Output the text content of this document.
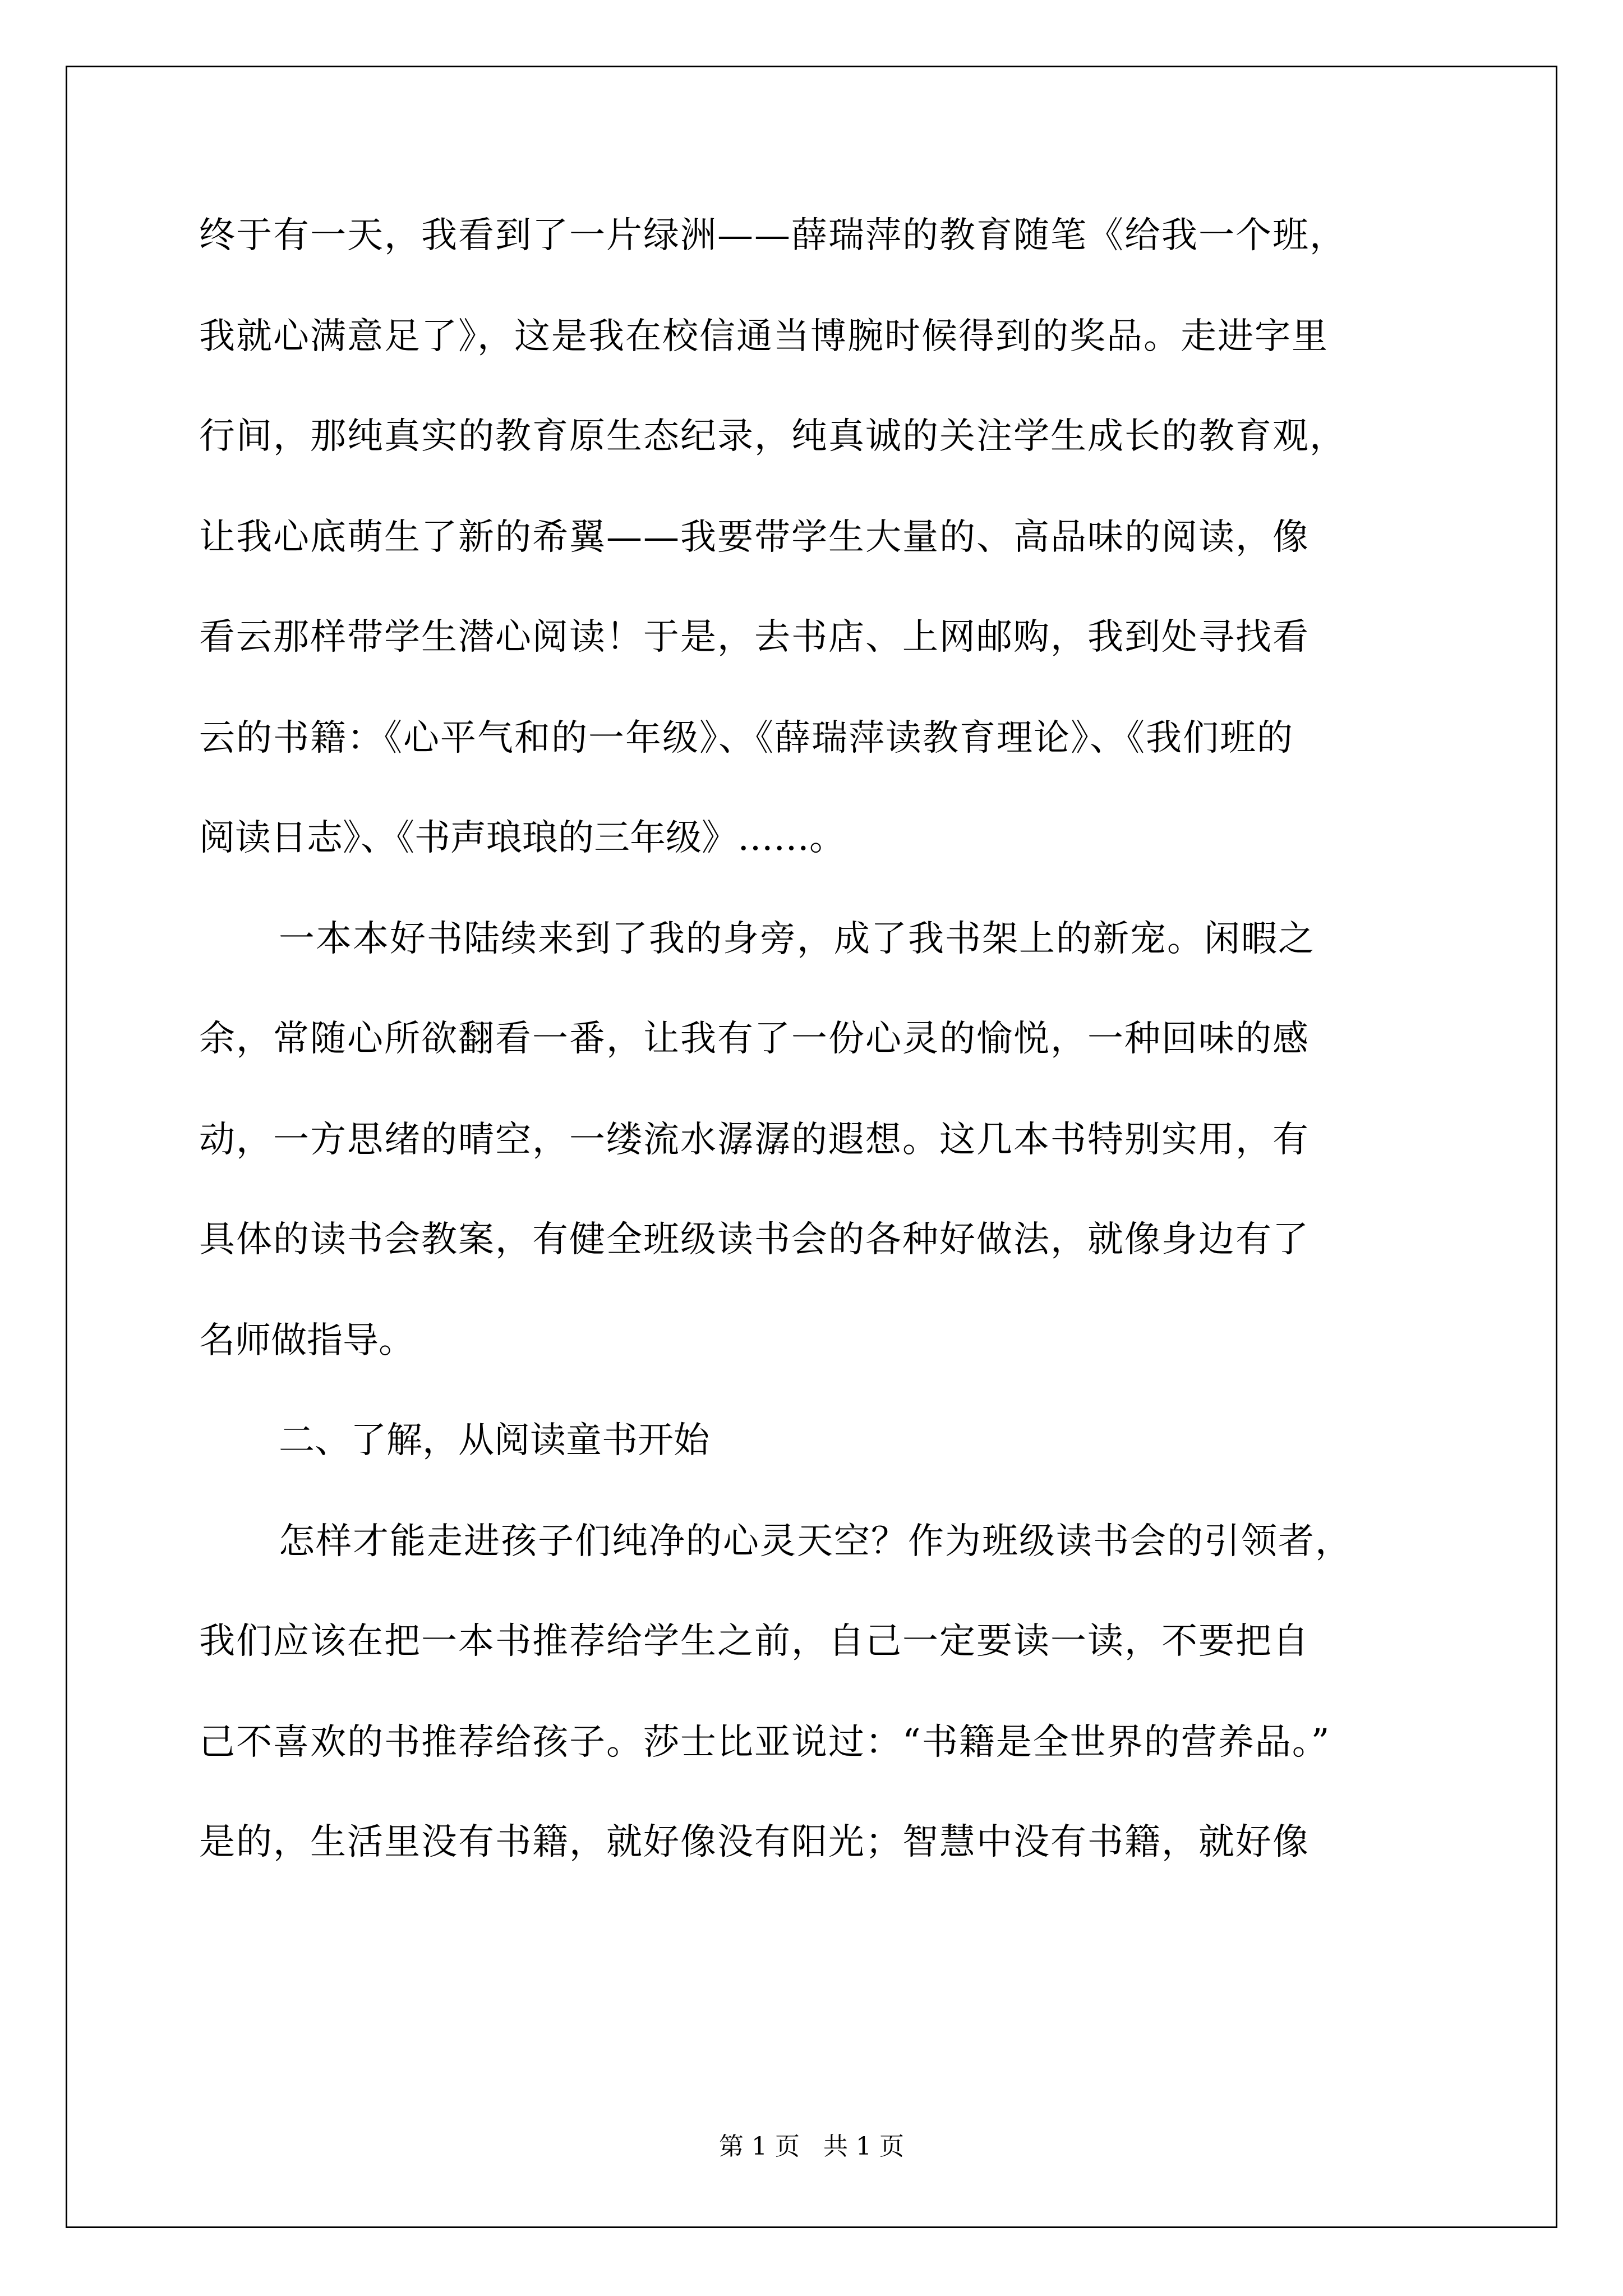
终于有一天，我看到了一片绿洲——薛瑞萍的教育随笔《给我一个班，
我就心满意足了》，这是我在校信通当博腕时候得到的奖品。走进字里
行间，那纯真实的教育原生态纪录，纯真诚的关注学生成长的教育观，
让我心底萌生了新的希翼——我要带学生大量的、高品味的阅读，像
看云那样带学生潜心阅读！于是，去书店、上网邮购，我到处寻找看
云的书籍：《心平气和的一年级》、《薛瑞萍读教育理论》、《我们班的
阅读日志》、《书声琅琅的三年级》……。
一本本好书陆续来到了我的身旁，成了我书架上的新宠。闲暇之
余，常随心所欲翻看一番，让我有了一份心灵的愉悦，一种回味的感
动，一方思绪的晴空，一缕流水潺潺的遐想。这几本书特别实用，有
具体的读书会教案，有健全班级读书会的各种好做法，就像身边有了
名师做指导。
二、了解，从阅读童书开始
怎样才能走进孩子们纯净的心灵天空？作为班级读书会的引领者，
我们应该在把一本书推荐给学生之前，自己一定要读一读，不要把自
己不喜欢的书推荐给孩子。莎士比亚说过：“书籍是全世界的营养品。”
是的，生活里没有书籍，就好像没有阳光；智慧中没有书籍，就好像
第 1 页   共 1 页
